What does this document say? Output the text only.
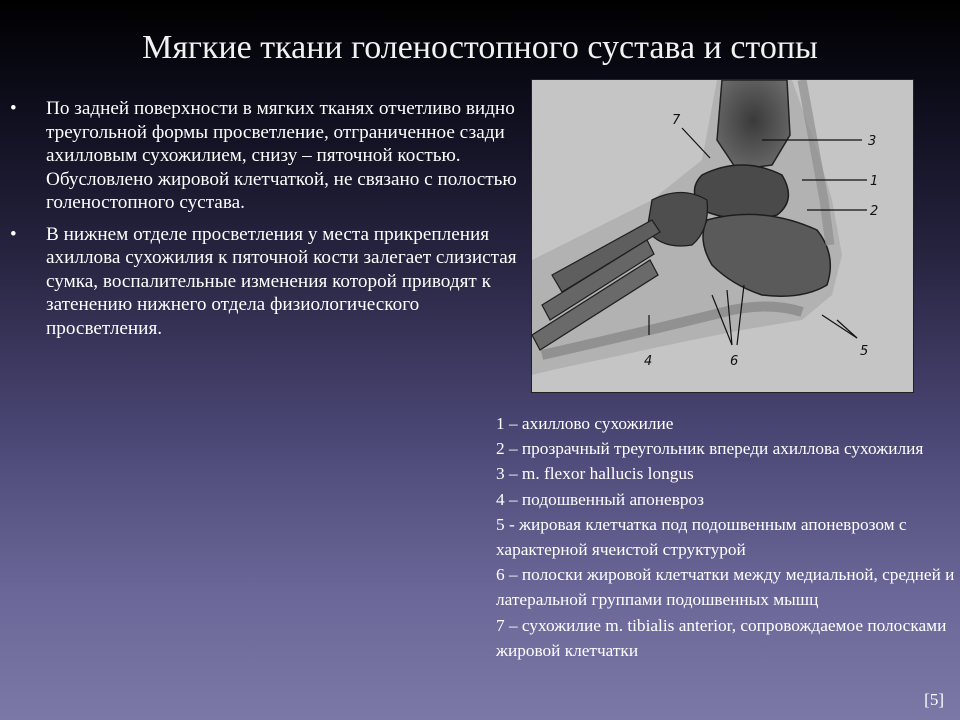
Мягкие ткани голеностопного сустава и стопы
• По задней поверхности в мягких тканях отчетливо видно треугольной формы просветление, отграниченное сзади ахилловым сухожилием, снизу – пяточной костью. Обусловлено жировой клетчаткой, не связано с полостью голеностопного сустава.
• В нижнем отделе просветления у места прикрепления ахиллова сухожилия к пяточной кости залегает слизистая сумка, воспалительные изменения которой приводят к затенению нижнего отдела физиологического просветления.
7
3
1
2
4	6
5
1 – ахиллово сухожилие
2 – прозрачный треугольник впереди ахиллова сухожилия
3 – m. flexor hallucis longus
4 – подошвенный апоневроз
5 - жировая клетчатка под подошвенным апоневрозом с характерной ячеистой структурой
6 – полоски жировой клетчатки между медиальной, средней и латеральной группами подошвенных мышц
7 – сухожилие m. tibialis anterior, сопровождаемое полосками жировой клетчатки
[5]
